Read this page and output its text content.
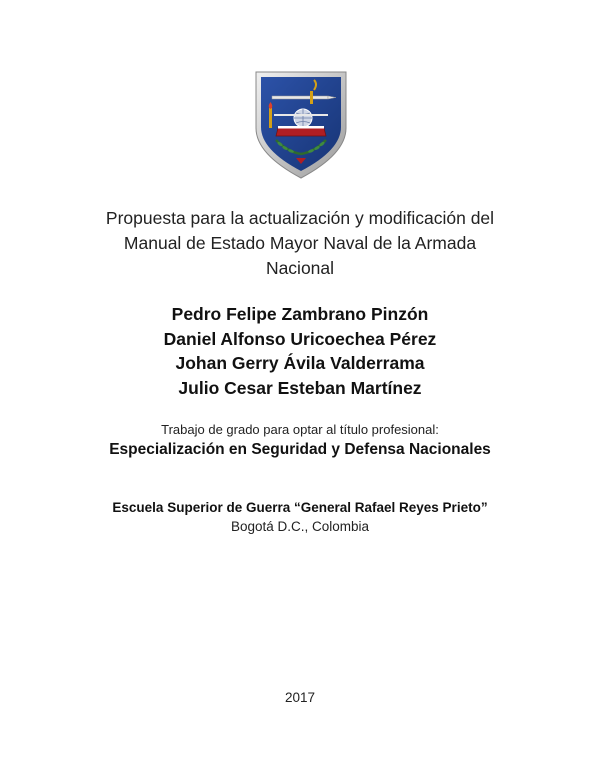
Propuesta para la actualización y modificación del
Manual de Estado Mayor Naval de la Armada
Nacional
Pedro Felipe Zambrano Pinzón
Daniel Alfonso Uricoechea Pérez
Johan Gerry Ávila Valderrama
Julio Cesar Esteban Martínez
Trabajo de grado para optar al título profesional:
Especialización en Seguridad y Defensa Nacionales
Escuela Superior de Guerra “General Rafael Reyes Prieto”
Bogotá D.C., Colombia
2017
